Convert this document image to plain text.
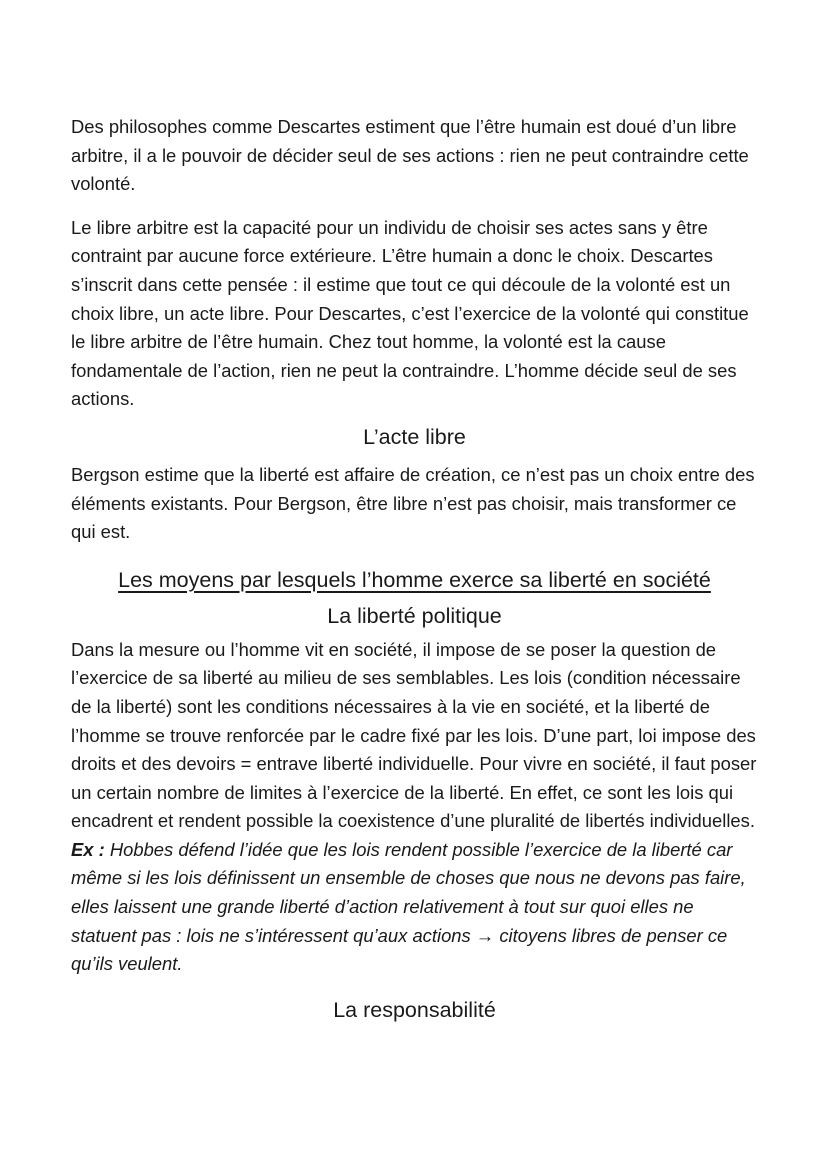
Des philosophes comme Descartes estiment que l’être humain est doué d’un libre arbitre, il a le pouvoir de décider seul de ses actions : rien ne peut contraindre cette volonté.

Le libre arbitre est la capacité pour un individu de choisir ses actes sans y être contraint par aucune force extérieure. L’être humain a donc le choix. Descartes s’inscrit dans cette pensée : il estime que tout ce qui découle de la volonté est un choix libre, un acte libre. Pour Descartes, c’est l’exercice de la volonté qui constitue le libre arbitre de l’être humain. Chez tout homme, la volonté est la cause fondamentale de l’action, rien ne peut la contraindre. L’homme décide seul de ses actions.

L’acte libre

Bergson estime que la liberté est affaire de création, ce n’est pas un choix entre des éléments existants. Pour Bergson, être libre n’est pas choisir, mais transformer ce qui est.

Les moyens par lesquels l’homme exerce sa liberté en société
La liberté politique

Dans la mesure ou l’homme vit en société, il impose de se poser la question de l’exercice de sa liberté au milieu de ses semblables. Les lois (condition nécessaire de la liberté) sont les conditions nécessaires à la vie en société, et la liberté de l’homme se trouve renforcée par le cadre fixé par les lois. D’une part, loi impose des droits et des devoirs = entrave liberté individuelle. Pour vivre en société, il faut poser un certain nombre de limites à l’exercice de la liberté. En effet, ce sont les lois qui encadrent et rendent possible la coexistence d’une pluralité de libertés individuelles.

Ex : Hobbes défend l’idée que les lois rendent possible l’exercice de la liberté car même si les lois définissent un ensemble de choses que nous ne devons pas faire, elles laissent une grande liberté d’action relativement à tout sur quoi elles ne statuent pas : lois ne s’intéressent qu’aux actions → citoyens libres de penser ce qu’ils veulent.

La responsabilité
